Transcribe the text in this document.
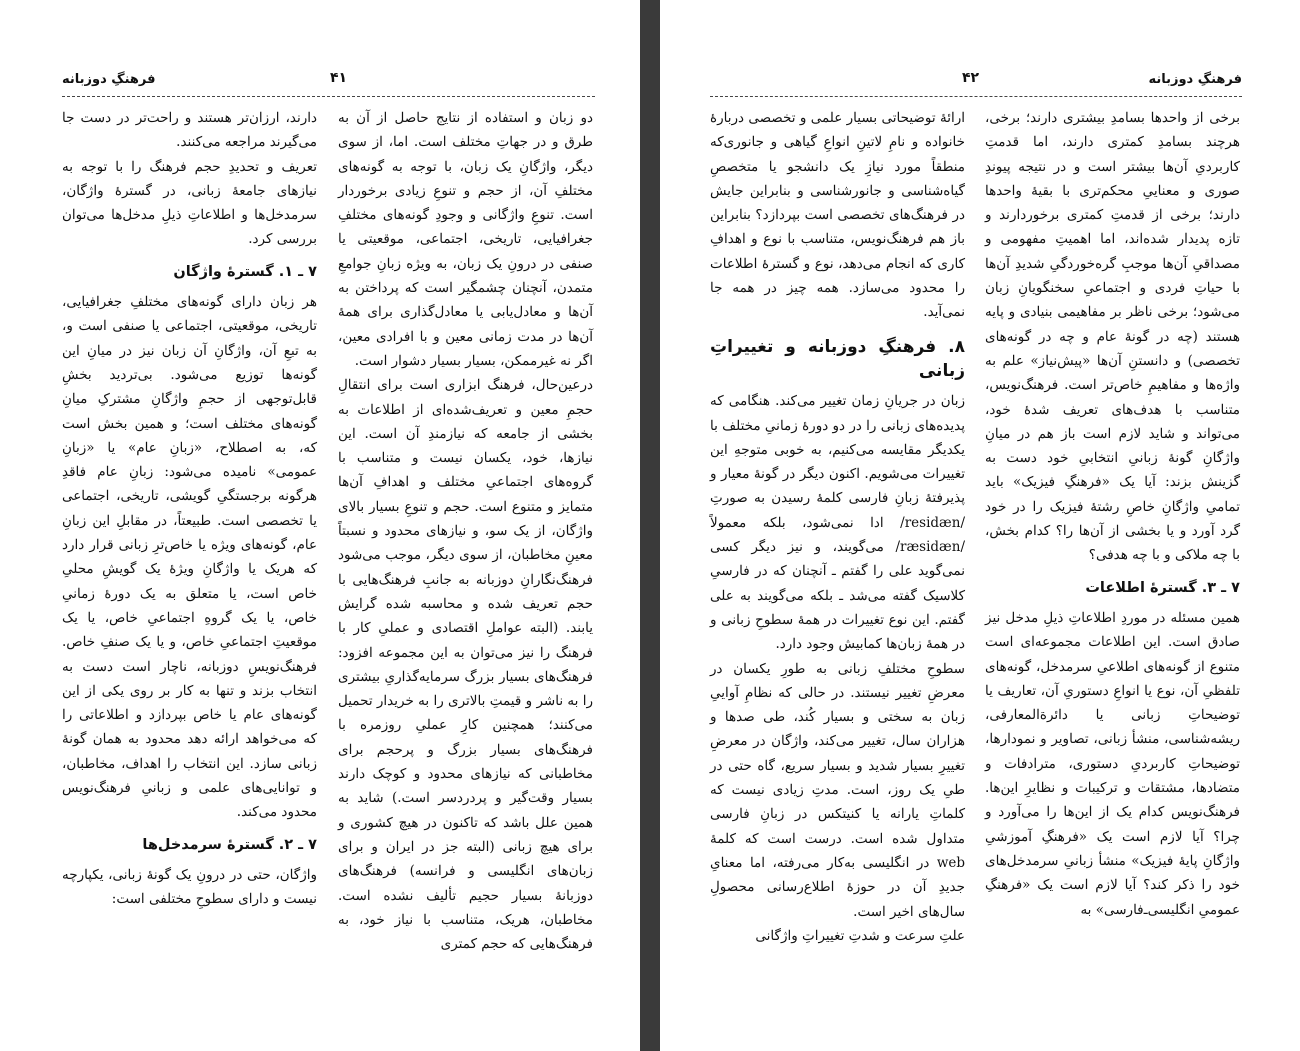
فرهنگِ دوزبانه	۴۱

دو زبان و استفاده از نتایج حاصل از آن به طرق و در جهاتِ مختلف است. اما، از سوی دیگر، واژگانِ یک زبان، با توجه به گونه‌های مختلفِ آن، از حجم و تنوعِ زیادی برخوردار است. تنوعِ واژگانی و وجودِ گونه‌های مختلفِ جغرافیایی، تاریخی، اجتماعی، موقعیتی یا صنفی در درونِ یک زبان، به ویژه زبانِ جوامعِ متمدن، آنچنان چشمگیر است که پرداختن به آن‌ها و معادل‌یابی یا معادل‌گذاری برای همهٔ آن‌ها در مدت زمانی معین و با افرادی معین، اگر نه غیرممکن، بسیار بسیار دشوار است.

درعین‌حال، فرهنگ ابزاری است برای انتقالِ حجمِ معین و تعریف‌شده‌ای از اطلاعات به بخشی از جامعه که نیازمندِ آن است. این نیازها، خود، یکسان نیست و متناسب با گروه‌های اجتماعیِ مختلف و اهدافِ آن‌ها متمایز و متنوع است. حجم و تنوعِ بسیار بالای واژگان، از یک سو، و نیازهای محدود و نسبتاً معینِ مخاطبان، از سوی دیگر، موجب می‌شود فرهنگ‌نگارانِ دوزبانه به جانبِ فرهنگ‌هایی با حجم تعریف شده و محاسبه شده گرایش یابند. (البته عواملِ اقتصادی و عملیِ کار با فرهنگ را نیز می‌توان به این مجموعه افزود: فرهنگ‌های بسیار بزرگ سرمایه‌گذاریِ بیشتری را به ناشر و قیمتِ بالاتری را به خریدار تحمیل می‌کنند؛ همچنین کارِ عملیِ روزمره با فرهنگ‌های بسیار بزرگ و پرحجم برای مخاطبانی که نیازهای محدود و کوچک دارند بسیار وقت‌گیر و پردردسر است.) شاید به همین علل باشد که تاکنون در هیچ کشوری و برای هیچ زبانی (البته جز در ایران و برای زبان‌های انگلیسی و فرانسه) فرهنگ‌های دوزبانهٔ بسیار حجیم تألیف نشده است. مخاطبان، هریک، متناسب با نیاز خود، به فرهنگ‌هایی که حجم کمتری

دارند، ارزان‌تر هستند و راحت‌تر در دست جا می‌گیرند مراجعه می‌کنند.

تعریف و تحدیدِ حجم فرهنگ را با توجه به نیازهای جامعهٔ زبانی، در گسترهٔ واژگان، سرمدخل‌ها و اطلاعاتِ ذیلِ مدخل‌ها می‌توان بررسی کرد.

۷ ـ ۱. گسترهٔ واژگان

هر زبان دارای گونه‌های مختلفِ جغرافیایی، تاریخی، موقعیتی، اجتماعی یا صنفی است و، به تبعِ آن، واژگانِ آن زبان نیز در میانِ این گونه‌ها توزیع می‌شود. بی‌تردید بخشِ قابل‌توجهی از حجمِ واژگانِ مشترکِ میانِ گونه‌های مختلف است؛ و همین بخش است که، به اصطلاح، «زبانِ عام» یا «زبانِ عمومی» نامیده می‌شود: زبانِ عام فاقدِ هرگونه برجستگیِ گویشی، تاریخی، اجتماعی یا تخصصی است. طبیعتاً، در مقابلِ این زبانِ عام، گونه‌های ویژه یا خاص‌ترِ زبانی قرار دارد که هریک یا واژگانِ ویژهٔ یک گویشِ محلیِ خاص است، یا متعلق به یک دورهٔ زمانیِ خاص، یا یک گروهِ اجتماعیِ خاص، یا یک موقعیتِ اجتماعیِ خاص، و یا یک صنفِ خاص. فرهنگ‌نویسِ دوزبانه، ناچار است دست به انتخاب بزند و تنها به کار بر روی یکی از این گونه‌های عام یا خاص بپردازد و اطلاعاتی را که می‌خواهد ارائه دهد محدود به همان گونهٔ زبانی سازد. این انتخاب را اهداف، مخاطبان، و توانایی‌های علمی و زبانیِ فرهنگ‌نویس محدود می‌کند.

۷ ـ ۲. گسترهٔ سرمدخل‌ها

واژگان، حتی در درونِ یک گونهٔ زبانی، یکپارچه نیست و دارای سطوحِ مختلفی است:

۴۲	فرهنگِ دوزبانه

برخی از واحدها بسامدِ بیشتری دارند؛ برخی، هرچند بسامدِ کمتری دارند، اما قدمتِ کاربردیِ آن‌ها بیشتر است و در نتیجه پیوندِ صوری و معناییِ محکم‌تری با بقیهٔ واحدها دارند؛ برخی از قدمتِ کمتری برخوردارند و تازه پدیدار شده‌اند، اما اهمیتِ مفهومی و مصداقیِ آن‌ها موجبِ گره‌خوردگیِ شدیدِ آن‌ها با حیاتِ فردی و اجتماعیِ سخنگویانِ زبان می‌شود؛ برخی ناظر بر مفاهیمی بنیادی و پایه هستند (چه در گونهٔ عام و چه در گونه‌های تخصصی) و دانستنِ آن‌ها «پیش‌نیاز» علم به واژه‌ها و مفاهیمِ خاص‌تر است. فرهنگ‌نویس، متناسب با هدف‌های تعریف شدهٔ خود، می‌تواند و شاید لازم است باز هم در میانِ واژگانِ گونهٔ زبانیِ انتخابیِ خود دست به گزینش بزند: آیا یک «فرهنگِ فیزیک» باید تمامیِ واژگانِ خاصِ رشتهٔ فیزیک را در خود گرد آورد و یا بخشی از آن‌ها را؟ کدام بخش، با چه ملاکی و با چه هدفی؟

۷ ـ ۳. گسترهٔ اطلاعات

همین مسئله در موردِ اطلاعاتِ ذیلِ مدخل نیز صادق است. این اطلاعات مجموعه‌ای است متنوع از گونه‌های اطلاعیِ سرمدخل، گونه‌های تلفظیِ آن، نوع یا انواعِ دستوریِ آن، تعاریف یا توضیحاتِ زبانی یا دائرةالمعارفی، ریشه‌شناسی، منشأ زبانی، تصاویر و نمودارها، توضیحاتِ کاربردیِ دستوری، مترادفات و متضادها، مشتقات و ترکیبات و نظایرِ این‌ها. فرهنگ‌نویس کدام یک از این‌ها را می‌آورد و چرا؟ آیا لازم است یک «فرهنگِ آموزشیِ واژگانِ پایهٔ فیزیک» منشأ زبانیِ سرمدخل‌های خود را ذکر کند؟ آیا لازم است یک «فرهنگِ عمومیِ انگلیسی‌ـ‌فارسی» به

ارائهٔ توضیحاتی بسیار علمی و تخصصی دربارهٔ خانواده و نامِ لاتینِ انواعِ گیاهی و جانوری‌که منطقاً مورد نیازِ یک دانشجو یا متخصصِ گیاه‌شناسی و جانورشناسی و بنابراین جایش در فرهنگ‌های تخصصی است بپردازد؟ بنابراین باز هم فرهنگ‌نویس، متناسب با نوع و اهدافِ کاری که انجام می‌دهد، نوع و گسترهٔ اطلاعات را محدود می‌سازد. همه چیز در همه جا نمی‌آید.

۸. فرهنگِ دوزبانه و تغییراتِ زبانی

زبان در جریانِ زمان تغییر می‌کند. هنگامی که پدیده‌های زبانی را در دو دورهٔ زمانیِ مختلف با یکدیگر مقایسه می‌کنیم، به خوبی متوجهِ این تغییرات می‌شویم. اکنون دیگر در گونهٔ معیار و پذیرفتهٔ زبانِ فارسی کلمهٔ رسیدن به صورتِ /residæn/ ادا نمی‌شود، بلکه معمولاً /ræsidæn/ می‌گویند، و نیز دیگر کسی نمی‌گوید علی را گفتم ـ آنچنان که در فارسیِ کلاسیک گفته می‌شد ـ بلکه می‌گویند به علی گفتم. این نوع تغییرات در همهٔ سطوحِ زبانی و در همهٔ زبان‌ها کمابیش وجود دارد.

سطوحِ مختلفِ زبانی به طورِ یکسان در معرضِ تغییر نیستند. در حالی که نظامِ آواییِ زبان به سختی و بسیار کُند، طی صدها و هزاران سال، تغییر می‌کند، واژگان در معرضِ تغییرِ بسیار شدید و بسیار سریع، گاه حتی در طیِ یک روز، است. مدتِ زیادی نیست که کلماتِ یارانه یا کنیتکس در زبانِ فارسی متداول شده است. درست است که کلمهٔ web در انگلیسی به‌کار می‌رفته، اما معنایِ جدیدِ آن در حوزهٔ اطلاع‌رسانی محصولِ سال‌های اخیر است.

علتِ سرعت و شدتِ تغییراتِ واژگانی
